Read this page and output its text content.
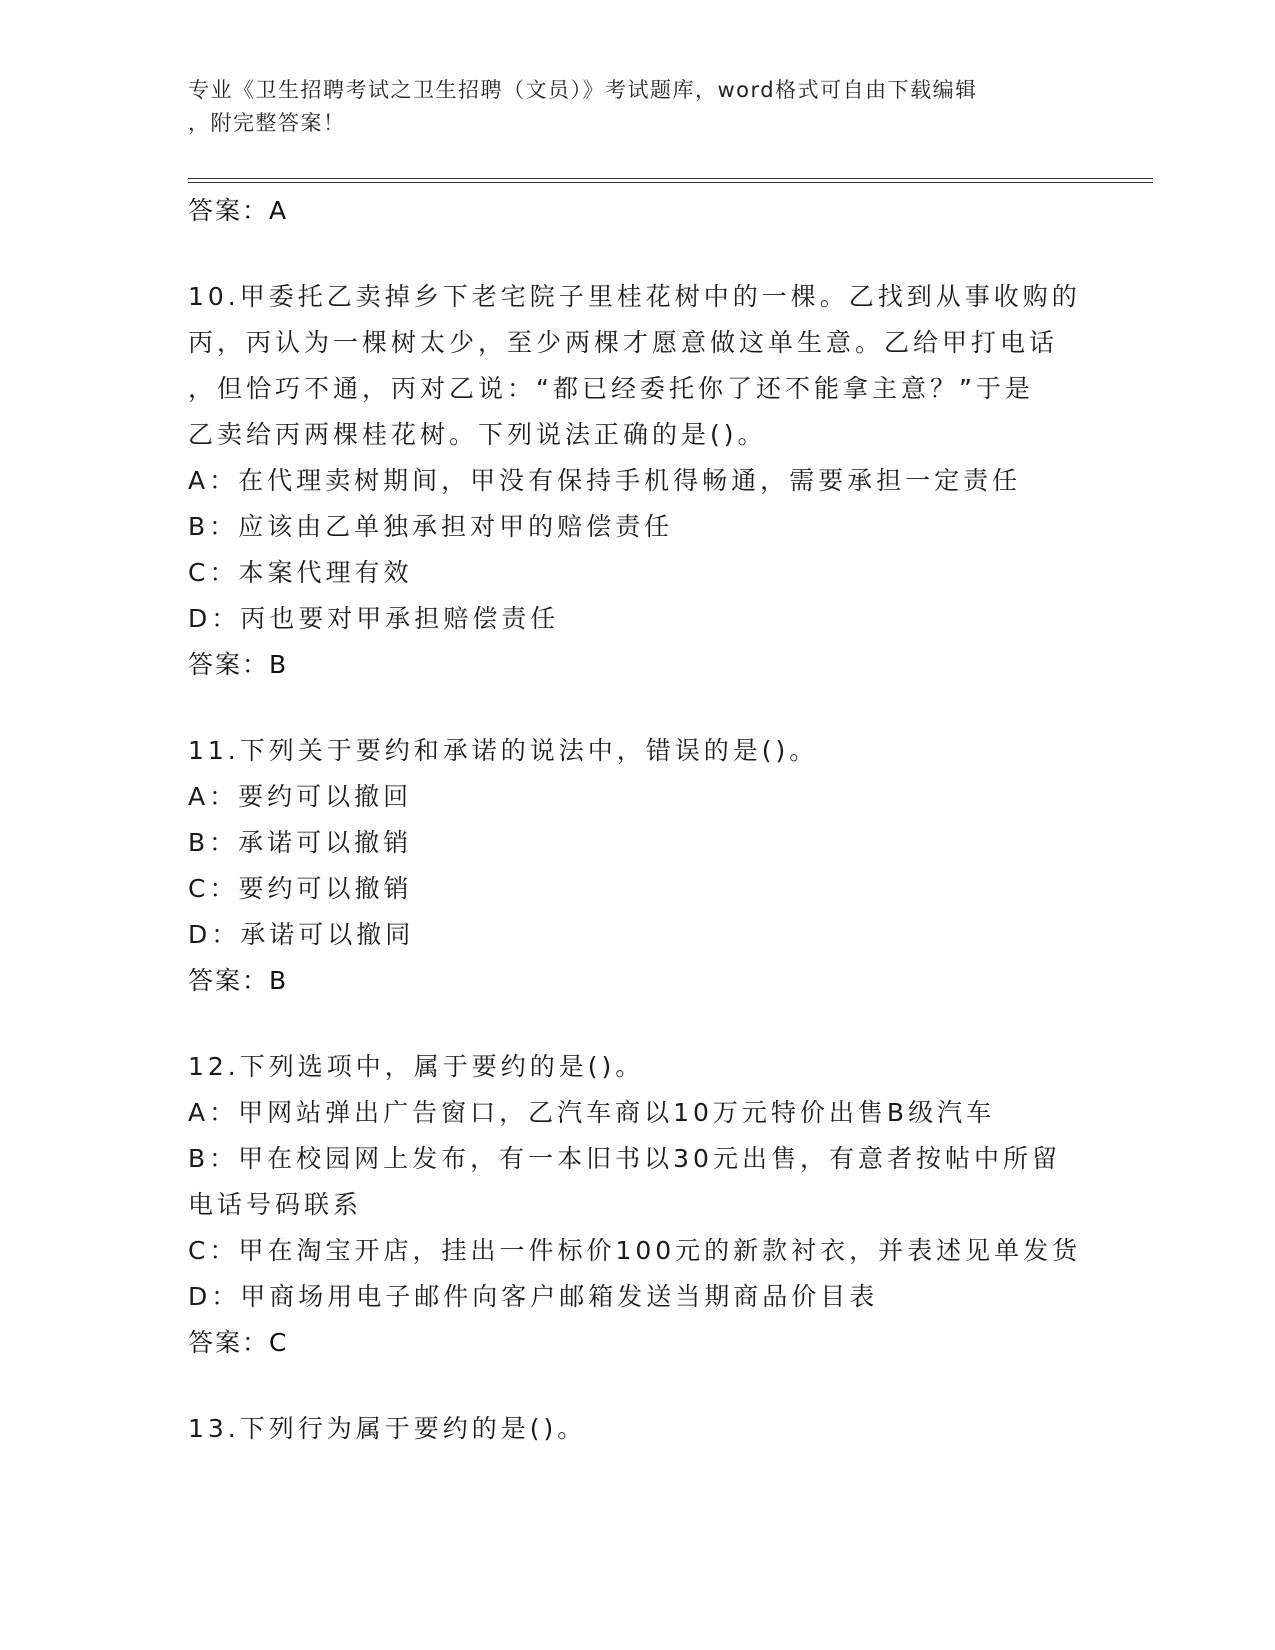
专业《卫生招聘考试之卫生招聘（文员）》考试题库，word格式可自由下载编辑
，附完整答案！
答案：A
10.甲委托乙卖掉乡下老宅院子里桂花树中的一棵。乙找到从事收购的
丙，丙认为一棵树太少，至少两棵才愿意做这单生意。乙给甲打电话
，但恰巧不通，丙对乙说：“都已经委托你了还不能拿主意？”于是
乙卖给丙两棵桂花树。下列说法正确的是()。
A：在代理卖树期间，甲没有保持手机得畅通，需要承担一定责任
B：应该由乙单独承担对甲的赔偿责任
C：本案代理有效
D：丙也要对甲承担赔偿责任
答案：B
11.下列关于要约和承诺的说法中，错误的是()。
A：要约可以撤回
B：承诺可以撤销
C：要约可以撤销
D：承诺可以撤同
答案：B
12.下列选项中，属于要约的是()。
A：甲网站弹出广告窗口，乙汽车商以10万元特价出售B级汽车
B：甲在校园网上发布，有一本旧书以30元出售，有意者按帖中所留
电话号码联系
C：甲在淘宝开店，挂出一件标价100元的新款衬衣，并表述见单发货
D：甲商场用电子邮件向客户邮箱发送当期商品价目表
答案：C
13.下列行为属于要约的是()。
